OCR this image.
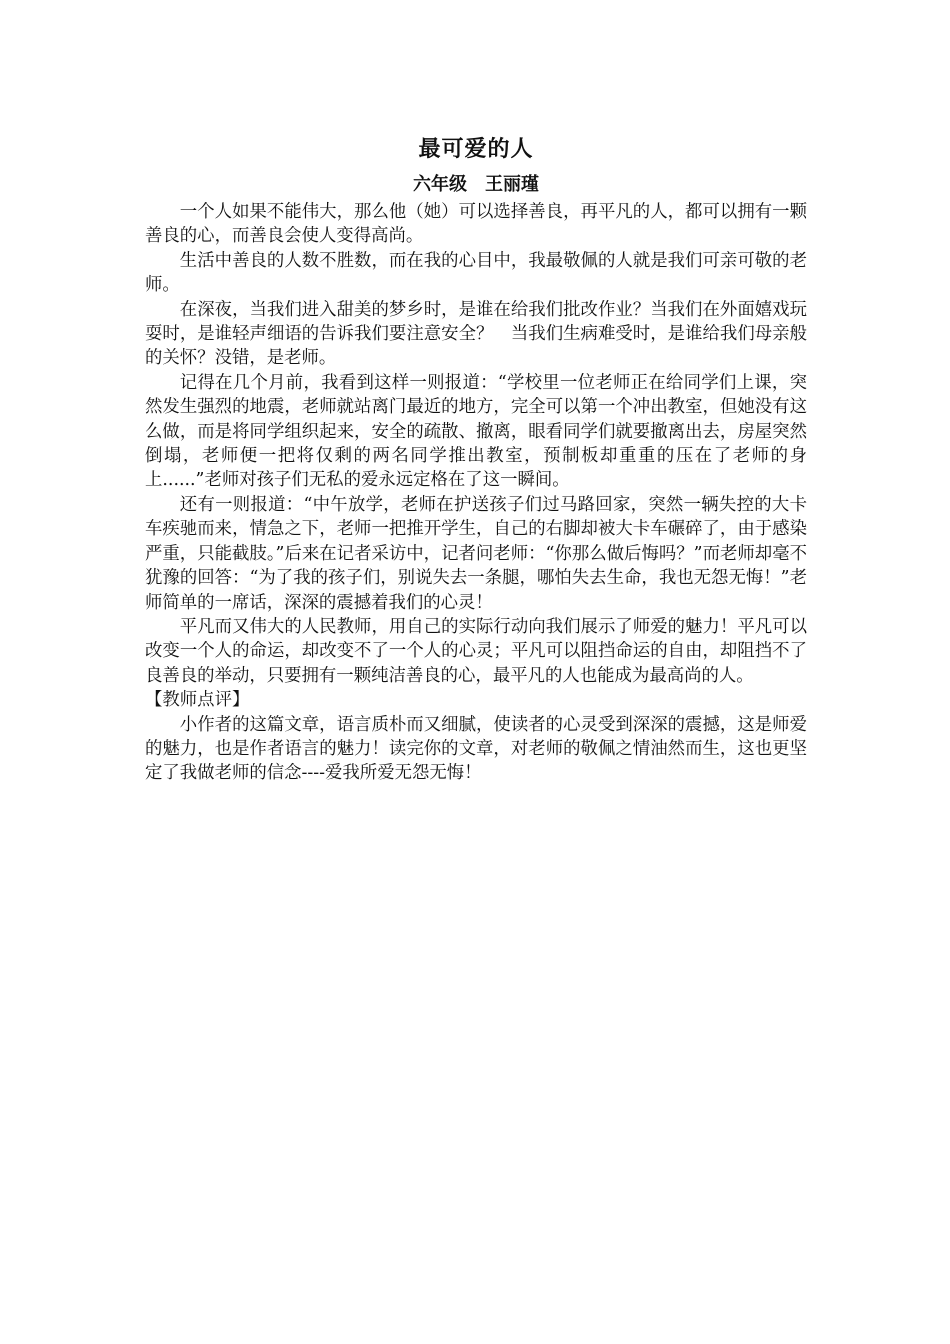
最可爱的人

六年级　王丽瑾

一个人如果不能伟大，那么他（她）可以选择善良，再平凡的人，都可以拥有一颗善良的心，而善良会使人变得高尚。

生活中善良的人数不胜数，而在我的心目中，我最敬佩的人就是我们可亲可敬的老师。

在深夜，当我们进入甜美的梦乡时，是谁在给我们批改作业？当我们在外面嬉戏玩耍时，是谁轻声细语的告诉我们要注意安全？　当我们生病难受时，是谁给我们母亲般的关怀？没错，是老师。

记得在几个月前，我看到这样一则报道：“学校里一位老师正在给同学们上课，突然发生强烈的地震，老师就站离门最近的地方，完全可以第一个冲出教室，但她没有这么做，而是将同学组织起来，安全的疏散、撤离，眼看同学们就要撤离出去，房屋突然倒塌，老师便一把将仅剩的两名同学推出教室，预制板却重重的压在了老师的身上......”老师对孩子们无私的爱永远定格在了这一瞬间。

还有一则报道：“中午放学，老师在护送孩子们过马路回家，突然一辆失控的大卡车疾驰而来，情急之下，老师一把推开学生，自己的右脚却被大卡车碾碎了，由于感染严重，只能截肢。”后来在记者采访中，记者问老师：“你那么做后悔吗？”而老师却毫不犹豫的回答：“为了我的孩子们，别说失去一条腿，哪怕失去生命，我也无怨无悔！”老师简单的一席话，深深的震撼着我们的心灵！

平凡而又伟大的人民教师，用自己的实际行动向我们展示了师爱的魅力！平凡可以改变一个人的命运，却改变不了一个人的心灵；平凡可以阻挡命运的自由，却阻挡不了良善良的举动，只要拥有一颗纯洁善良的心，最平凡的人也能成为最高尚的人。

【教师点评】

小作者的这篇文章，语言质朴而又细腻，使读者的心灵受到深深的震撼，这是师爱的魅力，也是作者语言的魅力！读完你的文章，对老师的敬佩之情油然而生，这也更坚定了我做老师的信念----爱我所爱无怨无悔！
